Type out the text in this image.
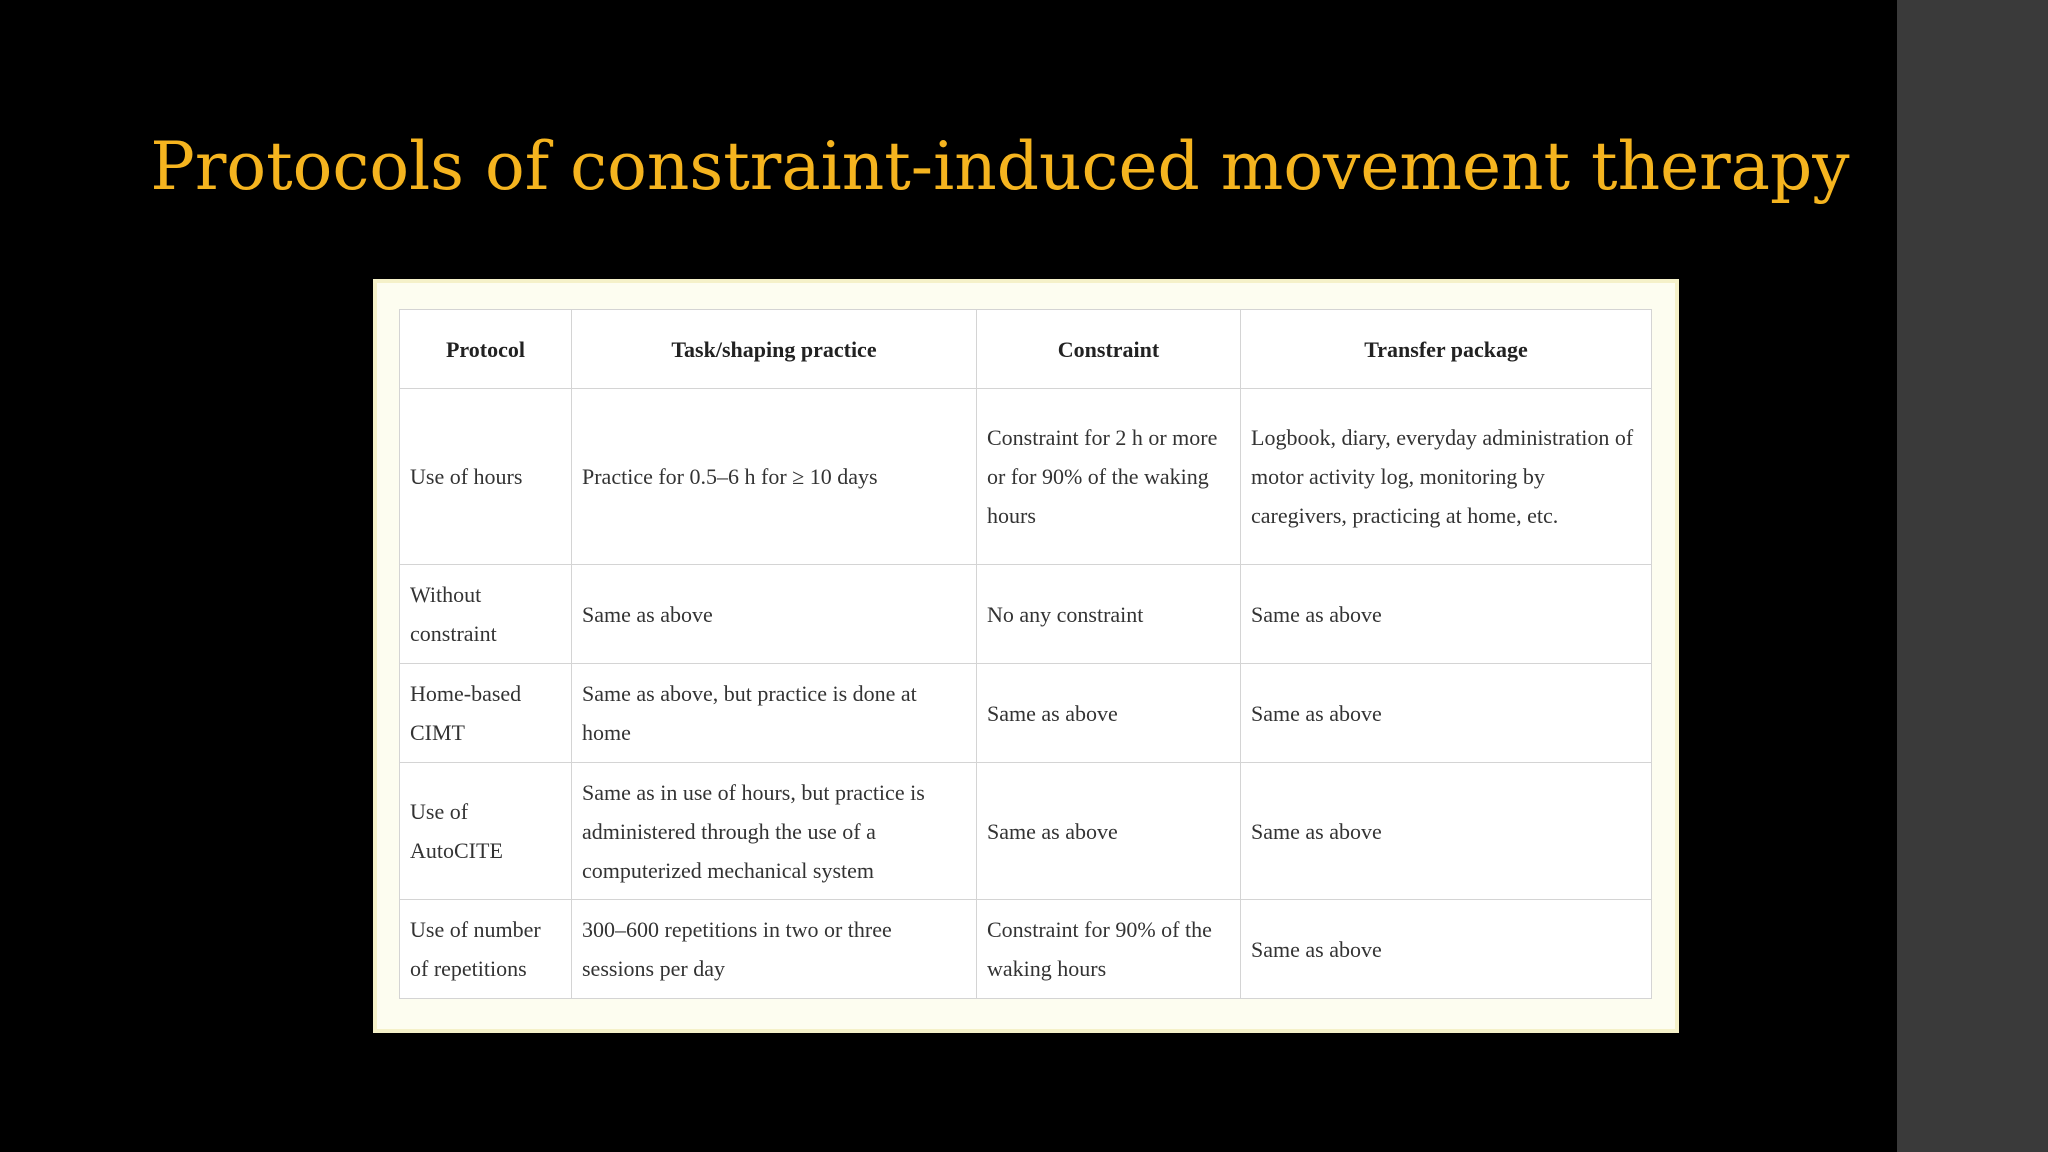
Protocols of constraint-induced movement therapy
Protocol	Task/shaping practice	Constraint	Transfer package
Use of hours	Practice for 0.5–6 h for ≥ 10 days	Constraint for 2 h or more or for 90% of the waking hours	Logbook, diary, everyday administration of motor activity log, monitoring by caregivers, practicing at home, etc.
Without constraint	Same as above	No any constraint	Same as above
Home-based CIMT	Same as above, but practice is done at home	Same as above	Same as above
Use of AutoCITE	Same as in use of hours, but practice is administered through the use of a computerized mechanical system	Same as above	Same as above
Use of number of repetitions	300–600 repetitions in two or three sessions per day	Constraint for 90% of the waking hours	Same as above
